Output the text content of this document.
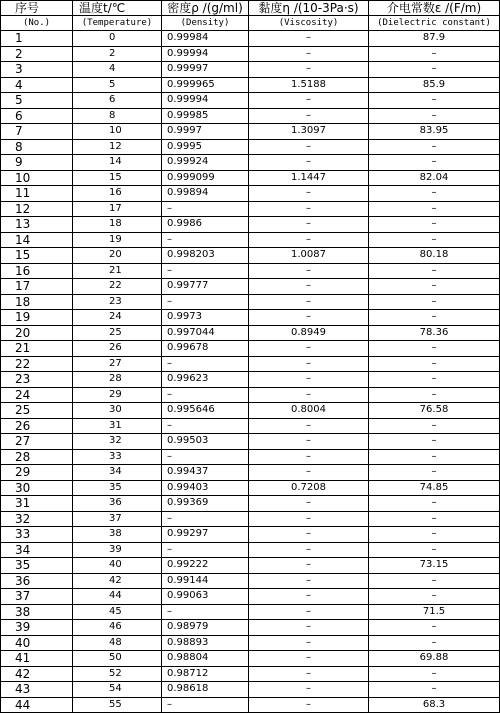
序号	温度t/℃	密度ρ /(g/ml)	黏度η /(10-3Pa·s)	介电常数ε /(F/m)
(No.)	(Temperature)	(Density)	(Viscosity)	(Dielectric constant)
1	0	0.99984	–	87.9
2	2	0.99994	–	–
3	4	0.99997	–	–
4	5	0.999965	1.5188	85.9
5	6	0.99994	–	–
6	8	0.99985	–	–
7	10	0.9997	1.3097	83.95
8	12	0.9995	–	–
9	14	0.99924	–	–
10	15	0.999099	1.1447	82.04
11	16	0.99894	–	–
12	17	–	–	–
13	18	0.9986	–	–
14	19	–	–	–
15	20	0.998203	1.0087	80.18
16	21	–	–	–
17	22	0.99777	–	–
18	23	–	–	–
19	24	0.9973	–	–
20	25	0.997044	0.8949	78.36
21	26	0.99678	–	–
22	27	–	–	–
23	28	0.99623	–	–
24	29	–	–	–
25	30	0.995646	0.8004	76.58
26	31	–	–	–
27	32	0.99503	–	–
28	33	–	–	–
29	34	0.99437	–	–
30	35	0.99403	0.7208	74.85
31	36	0.99369	–	–
32	37	–	–	–
33	38	0.99297	–	–
34	39	–	–	–
35	40	0.99222	–	73.15
36	42	0.99144	–	–
37	44	0.99063	–	–
38	45	–	–	71.5
39	46	0.98979	–	–
40	48	0.98893	–	–
41	50	0.98804	–	69.88
42	52	0.98712	–	–
43	54	0.98618	–	–
44	55	–	–	68.3
